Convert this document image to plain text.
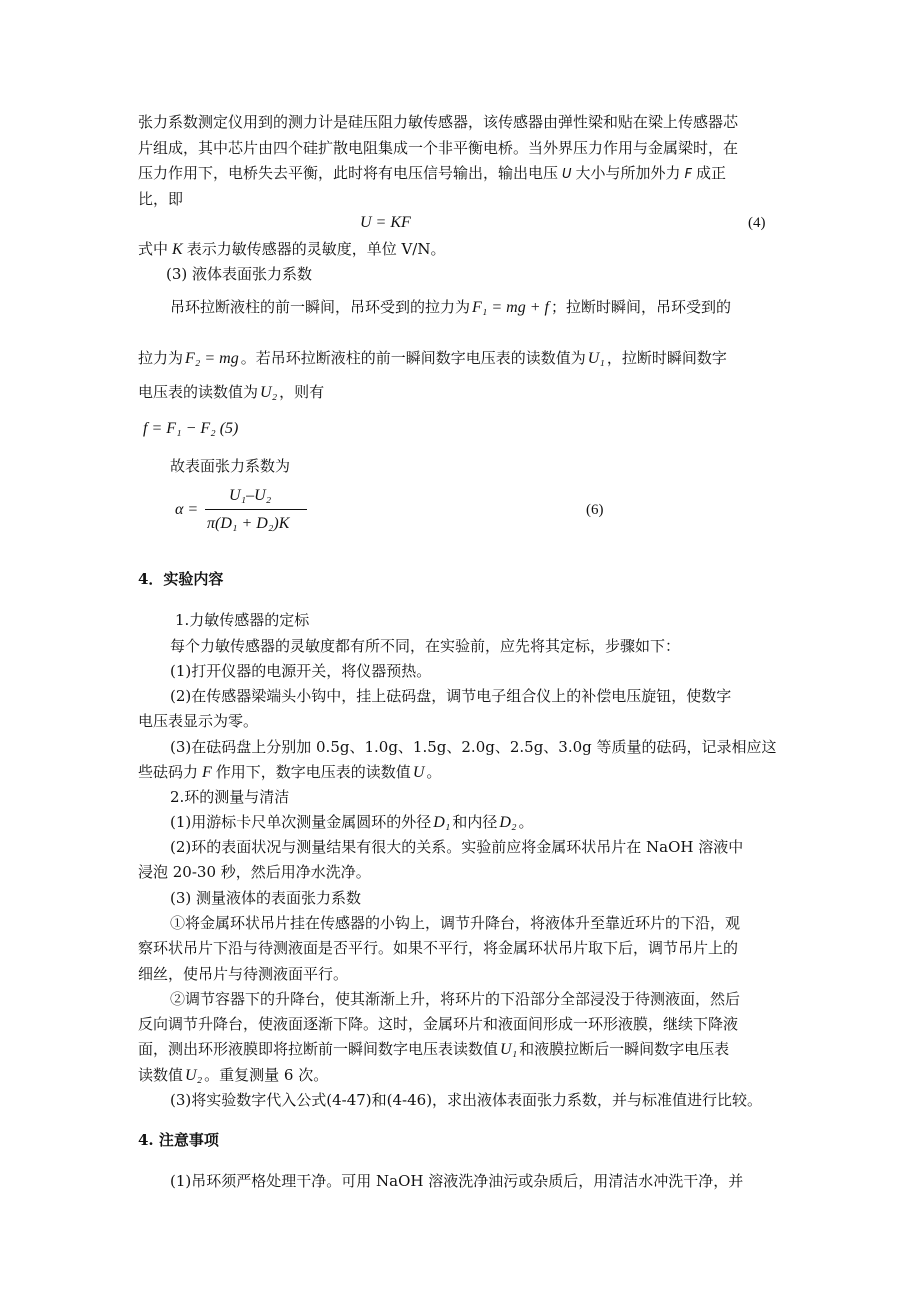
张力系数测定仪用到的测力计是硅压阻力敏传感器，该传感器由弹性梁和贴在梁上传感器芯
片组成，其中芯片由四个硅扩散电阻集成一个非平衡电桥。当外界压力作用与金属梁时，在
压力作用下，电桥失去平衡，此时将有电压信号输出，输出电压 U 大小与所加外力 F 成正
比，即
U = KF	(4)
式中 K 表示力敏传感器的灵敏度，单位 V/N。
(3) 液体表面张力系数
吊环拉断液柱的前一瞬间，吊环受到的拉力为 F₁ = mg + f ；拉断时瞬间，吊环受到的
拉力为 F₂ = mg 。若吊环拉断液柱的前一瞬间数字电压表的读数值为 U₁ ，拉断时瞬间数字
电压表的读数值为 U₂ ，则有
f = F₁ − F₂ (5)
故表面张力系数为
α =
U₁–U₂
π(D₁ + D₂)K
(6)
4．实验内容
1.力敏传感器的定标
每个力敏传感器的灵敏度都有所不同，在实验前，应先将其定标，步骤如下：
(1)打开仪器的电源开关，将仪器预热。
(2)在传感器梁端头小钩中，挂上砝码盘，调节电子组合仪上的补偿电压旋钮，使数字
电压表显示为零。
(3)在砝码盘上分别加 0.5g、1.0g、1.5g、2.0g、2.5g、3.0g 等质量的砝码，记录相应这
些砝码力 F 作用下，数字电压表的读数值 U 。
2.环的测量与清洁
(1)用游标卡尺单次测量金属圆环的外径 D₁ 和内径 D₂ 。
(2)环的表面状况与测量结果有很大的关系。实验前应将金属环状吊片在 NaOH 溶液中
浸泡 20-30 秒，然后用净水洗净。
(3) 测量液体的表面张力系数
①将金属环状吊片挂在传感器的小钩上，调节升降台，将液体升至靠近环片的下沿，观
察环状吊片下沿与待测液面是否平行。如果不平行，将金属环状吊片取下后，调节吊片上的
细丝，使吊片与待测液面平行。
②调节容器下的升降台，使其渐渐上升，将环片的下沿部分全部浸没于待测液面，然后
反向调节升降台，使液面逐渐下降。这时，金属环片和液面间形成一环形液膜，继续下降液
面，测出环形液膜即将拉断前一瞬间数字电压表读数值 U₁ 和液膜拉断后一瞬间数字电压表
读数值 U₂ 。重复测量 6 次。
(3)将实验数字代入公式(4-47)和(4-46)，求出液体表面张力系数，并与标准值进行比较。
4. 注意事项
(1)吊环须严格处理干净。可用 NaOH 溶液洗净油污或杂质后，用清洁水冲洗干净，并
